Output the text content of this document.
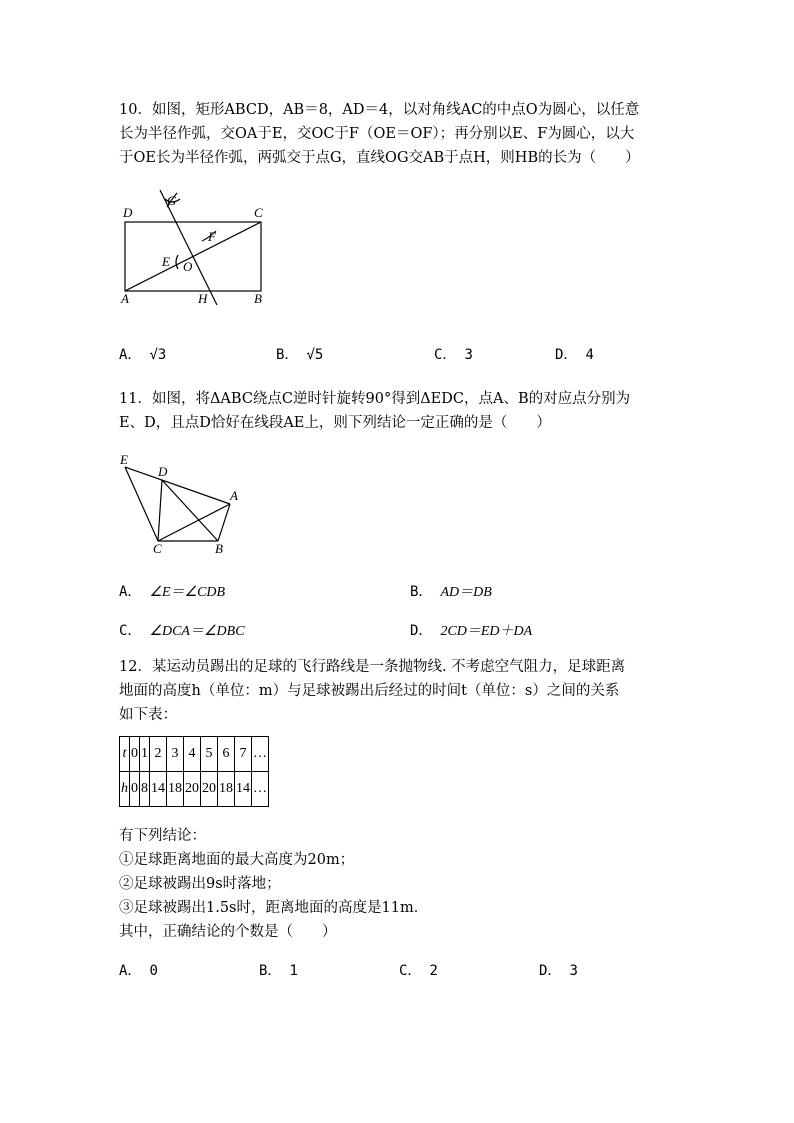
10．如图，矩形ABCD，AB＝8，AD＝4，以对角线AC的中点O为圆心，以任意

长为半径作弧，交OA于E，交OC于F（OE＝OF）；再分别以E、F为圆心，以大

于OE长为半径作弧，两弧交于点G，直线OG交AB于点H，则HB的长为（　　）

D	C
A	B
G
F
E O
H
A． √3	B． √5	C． 3	D． 4

11．如图，将ΔABC绕点C逆时针旋转90°得到ΔEDC，点A、B的对应点分别为

E、D，且点D恰好在线段AE上，则下列结论一定正确的是（　　）

E
D
A
C	B
A． ∠E＝∠CDB	B． AD＝DB
C． ∠DCA＝∠DBC	D． 2CD＝ED＋DA

12．某运动员踢出的足球的飞行路线是一条抛物线. 不考虑空气阻力，足球距离

地面的高度h（单位：m）与足球被踢出后经过的时间t（单位：s）之间的关系

如下表：

t	0	1	2	3	4	5	6	7	…
h	0	8	14	18	20	20	18	14	…

有下列结论：

①足球距离地面的最大高度为20m；

②足球被踢出9s时落地；

③足球被踢出1.5s时，距离地面的高度是11m．

其中，正确结论的个数是（　　）

A． 0	B． 1	C． 2	D． 3
